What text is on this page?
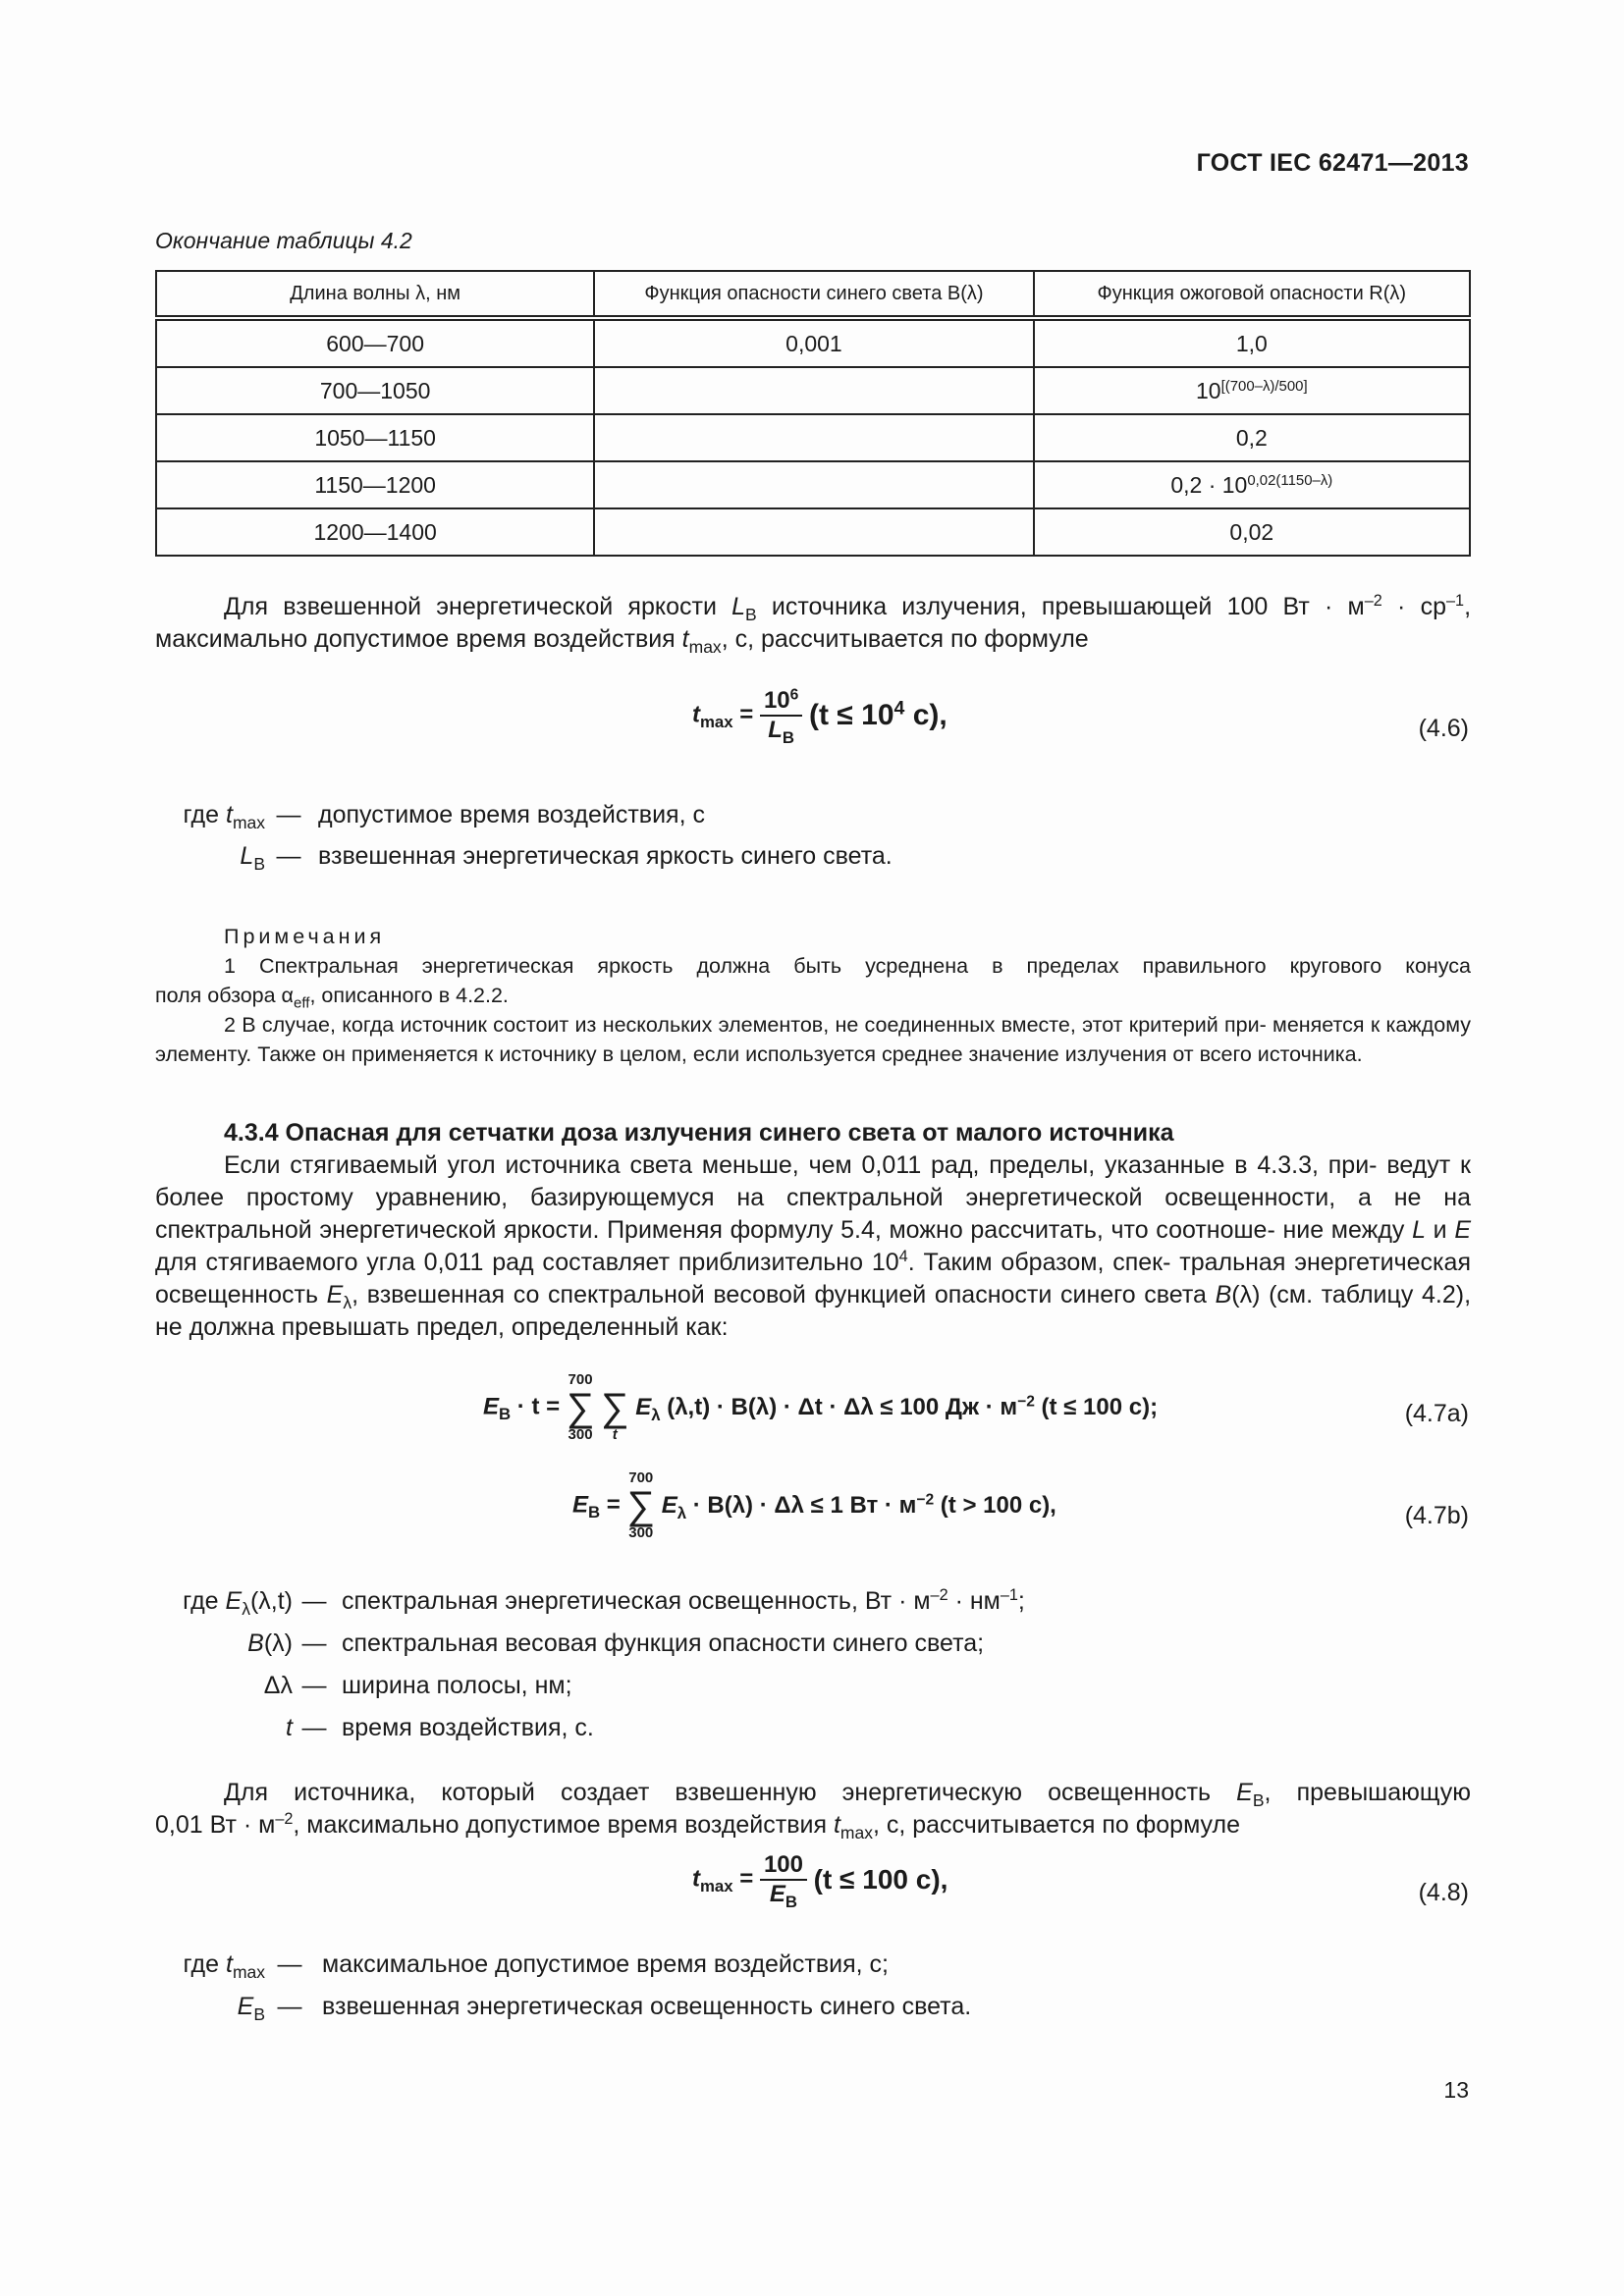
ГОСТ IEC 62471—2013
Окончание таблицы 4.2
Длина волны λ, нм	Функция опасности синего света B(λ)	Функция ожоговой опасности R(λ)
600—700	0,001	1,0
700—1050		10[(700–λ)/500]
1050—1150		0,2
1150—1200		$0,2 \cdot 10^{0,02(1150-\lambda)}$
1200—1400		0,02
Для взвешенной энергетической яркости $L_B$ источника излучения, превышающей 100 Вт · $м^{-2} \cdot ср^{-1}$,
максимально допустимое время воздействия $t_{max}$, с, рассчитывается по формуле
$t_{max} = \frac{10^6}{L_B} (t \le 10^4$ с),	(4.6)
где $t_{max}$ — допустимое время воздействия, с
$L_B$ — взвешенная энергетическая яркость синего света.
Примечания
1 Спектральная энергетическая яркость должна быть усреднена в пределах правильного кругового конуса
поля обзора $\alpha_{eff}$, описанного в 4.2.2.
2 В случае, когда источник состоит из нескольких элементов, не соединенных вместе, этот критерий при- меняется к каждому элементу. Также он применяется к источнику в целом, если используется среднее значение излучения от всего источника.
4.3.4 Опасная для сетчатки доза излучения синего света от малого источника
Если стягиваемый угол источника света меньше, чем 0,011 рад, пределы, указанные в 4.3.3, при- ведут к более простому уравнению, базирующемуся на спектральной энергетической освещенности, а не на спектральной энергетической яркости. Применяя формулу 5.4, можно рассчитать, что соотноше- ние между L и E для стягиваемого угла 0,011 рад составляет приблизительно $10^4$. Таким образом, спек- тральная энергетическая освещенность $E_\lambda$, взвешенная со спектральной весовой функцией опасности синего света B(λ) (см. таблицу 4.2), не должна превышать предел, определенный как:
$E_B \cdot t = 700$
∑
300
∑
t $E_\lambda$ (λ,t) · B(λ) · Δt · Δλ ≤ 100 Дж · $м^{-2}$ (t ≤ 100 с);	(4.7a)
$E_B = 700$
∑
300 $E_\lambda \cdot B(\lambda) \cdot \Delta\lambda \le 1$ Вт · $м^{-2}$ (t > 100 с),	(4.7b)
где $E_\lambda(\lambda,t)$ — спектральная энергетическая освещенность, Вт · $м^{-2} \cdot нм^{-1}$;
B(λ) — спектральная весовая функция опасности синего света;
Δλ — ширина полосы, нм;
t — время воздействия, с.
Для источника, который создает взвешенную энергетическую освещенность $E_B$, превышающую
0,01 Вт · $м^{-2}$, максимально допустимое время воздействия $t_{max}$, с, рассчитывается по формуле
$t_{max} = \frac{100}{E_B} (t \le 100$ с),	(4.8)
где $t_{max}$ — максимальное допустимое время воздействия, с;
$E_B$ — взвешенная энергетическая освещенность синего света.
13
